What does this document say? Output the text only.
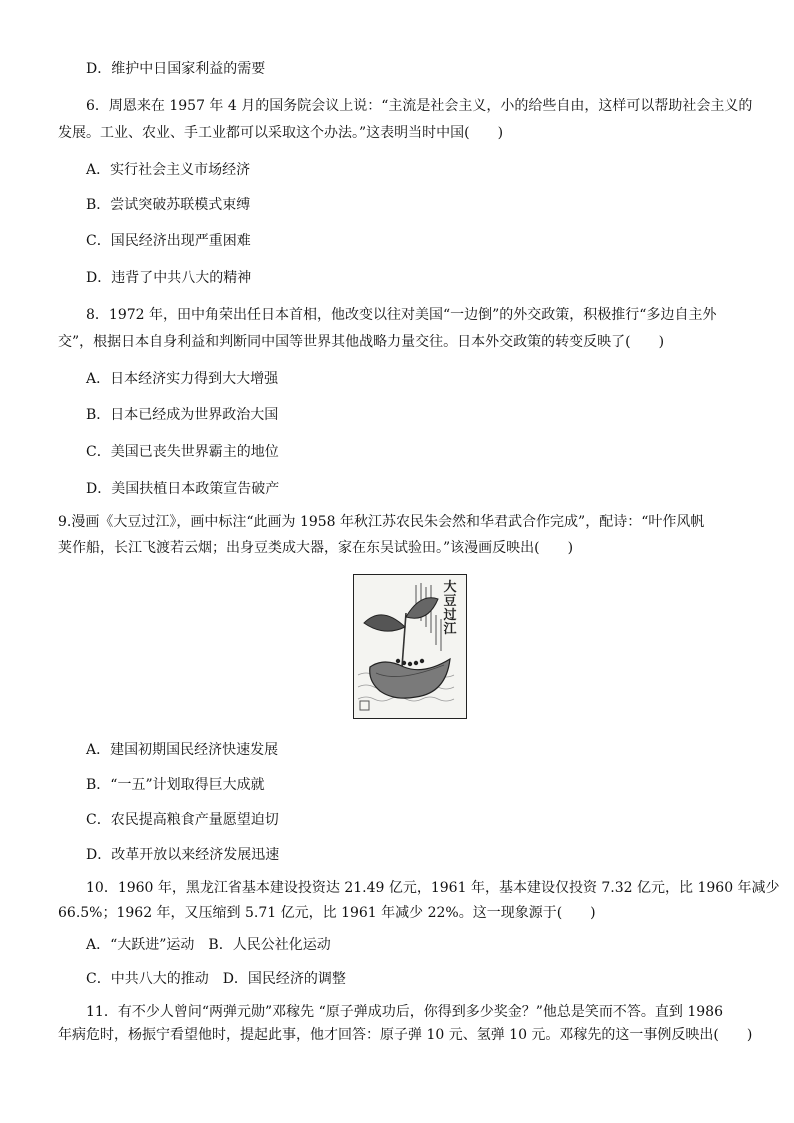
D．维护中日国家利益的需要
6．周恩来在 1957 年 4 月的国务院会议上说：“主流是社会主义，小的给些自由，这样可以帮助社会主义的
发展。工业、农业、手工业都可以采取这个办法。”这表明当时中国(　　)
A．实行社会主义市场经济
B．尝试突破苏联模式束缚
C．国民经济出现严重困难
D．违背了中共八大的精神
8．1972 年，田中角荣出任日本首相，他改变以往对美国“一边倒”的外交政策，积极推行“多边自主外
交”，根据日本自身利益和判断同中国等世界其他战略力量交往。日本外交政策的转变反映了(　　)
A．日本经济实力得到大大增强
B．日本已经成为世界政治大国
C．美国已丧失世界霸主的地位
D．美国扶植日本政策宣告破产
9.漫画《大豆过江》，画中标注“此画为 1958 年秋江苏农民朱会然和华君武合作完成”，配诗：“叶作风帆
荚作船，长江飞渡若云烟；出身豆类成大器，家在东吴试验田。”该漫画反映出(　　)
大豆过江
A．建国初期国民经济快速发展
B．“一五”计划取得巨大成就
C．农民提高粮食产量愿望迫切
D．改革开放以来经济发展迅速
10．1960 年，黑龙江省基本建设投资达 21.49 亿元，1961 年，基本建设仅投资 7.32 亿元，比 1960 年减少
66.5%；1962 年，又压缩到 5.71 亿元，比 1961 年减少 22%。这一现象源于(　　)
A．“大跃进”运动　B．人民公社化运动
C．中共八大的推动　D．国民经济的调整
11．有不少人曾问“两弹元勋”邓稼先 “原子弹成功后，你得到多少奖金？”他总是笑而不答。直到 1986
年病危时，杨振宁看望他时，提起此事，他才回答：原子弹 10 元、氢弹 10 元。邓稼先的这一事例反映出(　　)
